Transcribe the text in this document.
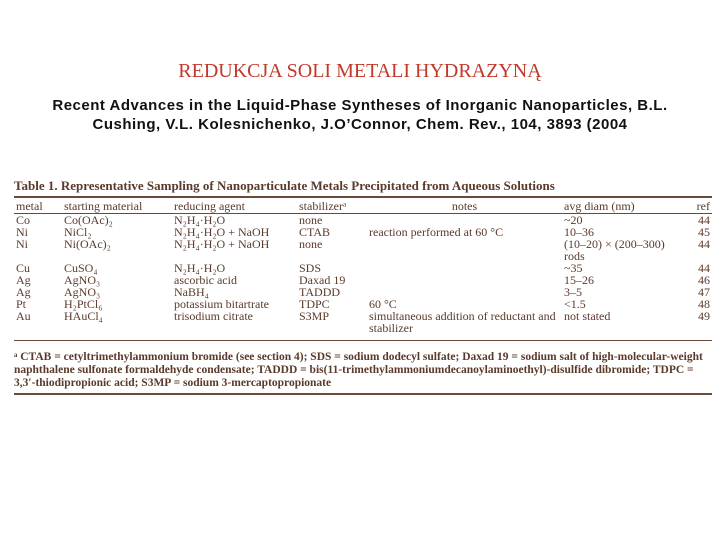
REDUKCJA SOLI METALI HYDRAZYNĄ
Recent Advances in the Liquid-Phase Syntheses of Inorganic Nanoparticles, B.L. Cushing, V.L. Kolesnichenko, J.O’Connor, Chem. Rev., 104, 3893 (2004
Table 1. Representative Sampling of Nanoparticulate Metals Precipitated from Aqueous Solutions
metal	starting material	reducing agent	stabilizerᵃ	notes	avg diam (nm)	ref
Co	Co(OAc)₂	N₂H₄·H₂O	none		~20	44
Ni	NiCl₂	N₂H₄·H₂O + NaOH	CTAB	reaction performed at 60 °C	10–36	45
Ni	Ni(OAc)₂	N₂H₄·H₂O + NaOH	none		(10–20) × (200–300) rods	44
Cu	CuSO₄	N₂H₄·H₂O	SDS		~35	44
Ag	AgNO₃	ascorbic acid	Daxad 19		15–26	46
Ag	AgNO₃	NaBH₄	TADDD		3–5	47
Pt	H₂PtCl₆	potassium bitartrate	TDPC	60 °C	<1.5	48
Au	HAuCl₄	trisodium citrate	S3MP	simultaneous addition of reductant and stabilizer	not stated	49
ᵃ CTAB = cetyltrimethylammonium bromide (see section 4); SDS = sodium dodecyl sulfate; Daxad 19 = sodium salt of high-molecular-weight naphthalene sulfonate formaldehyde condensate; TADDD = bis(11-trimethylammoniumdecanoylaminoethyl)-disulfide dibromide; TDPC = 3,3′-thiodipropionic acid; S3MP = sodium 3-mercaptopropionate
